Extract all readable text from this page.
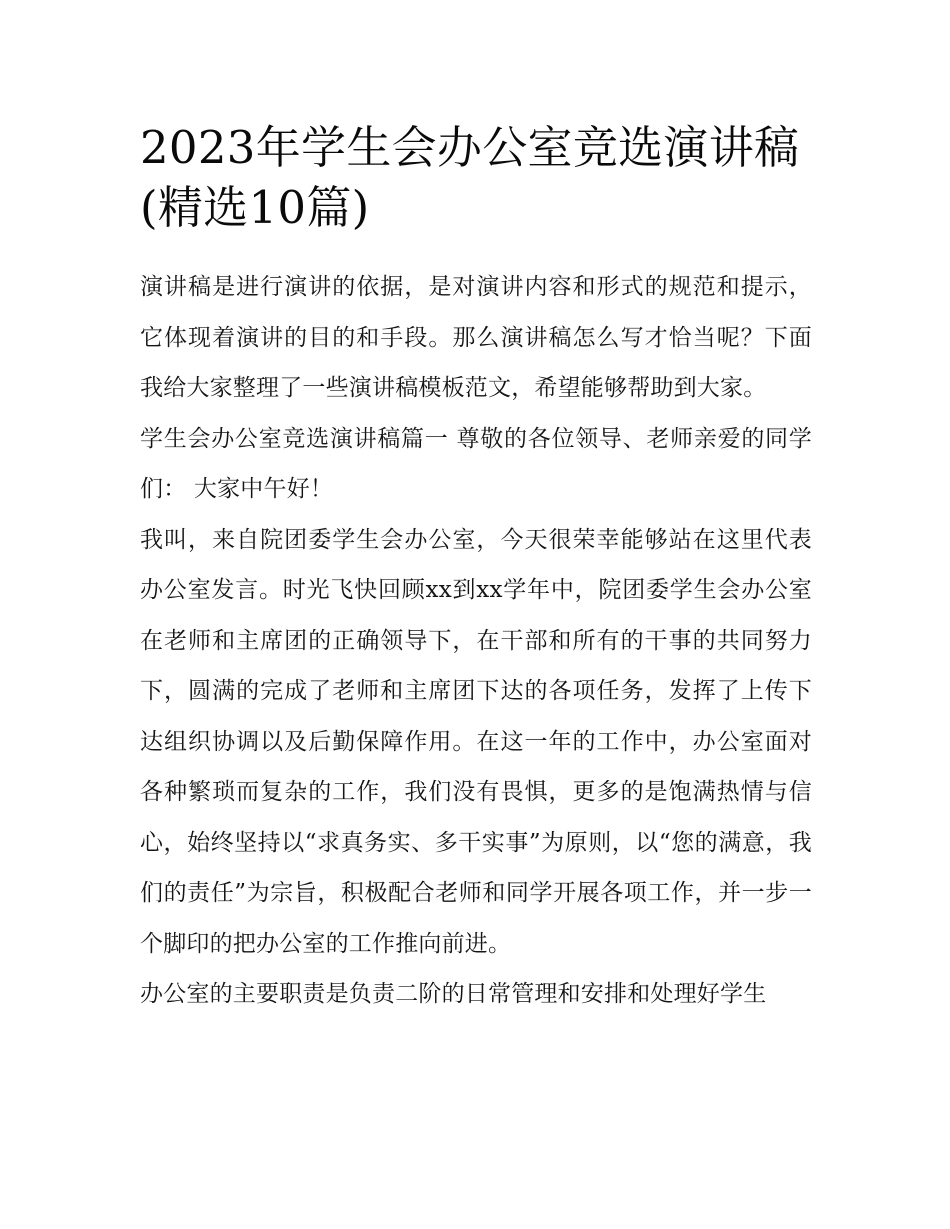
2023年学生会办公室竞选演讲稿(精选10篇)

演讲稿是进行演讲的依据，是对演讲内容和形式的规范和提示，它体现着演讲的目的和手段。那么演讲稿怎么写才恰当呢？下面我给大家整理了一些演讲稿模板范文，希望能够帮助到大家。

学生会办公室竞选演讲稿篇一 尊敬的各位领导、老师亲爱的同学们： 大家中午好！

我叫，来自院团委学生会办公室，今天很荣幸能够站在这里代表办公室发言。时光飞快回顾xx到xx学年中，院团委学生会办公室在老师和主席团的正确领导下，在干部和所有的干事的共同努力下，圆满的完成了老师和主席团下达的各项任务，发挥了上传下达组织协调以及后勤保障作用。在这一年的工作中，办公室面对各种繁琐而复杂的工作，我们没有畏惧，更多的是饱满热情与信心，始终坚持以“求真务实、多干实事”为原则，以“您的满意，我们的责任”为宗旨，积极配合老师和同学开展各项工作，并一步一个脚印的把办公室的工作推向前进。

办公室的主要职责是负责二阶的日常管理和安排和处理好学生
